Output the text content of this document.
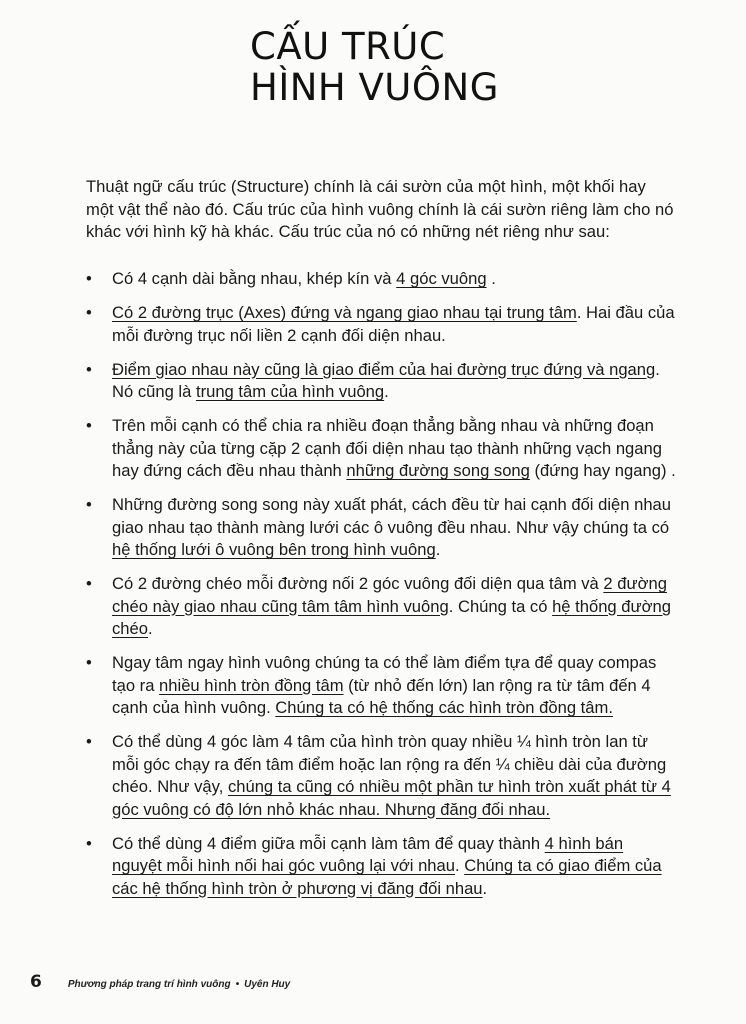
CẤU TRÚC
HÌNH VUÔNG

Thuật ngữ cấu trúc (Structure) chính là cái sườn của một hình, một khối hay một vật thể nào đó. Cấu trúc của hình vuông chính là cái sườn riêng làm cho nó khác với hình kỹ hà khác. Cấu trúc của nó có những nét riêng như sau:

• Có 4 cạnh dài bằng nhau, khép kín và 4 góc vuông .
• Có 2 đường trục (Axes) đứng và ngang giao nhau tại trung tâm. Hai đầu của mỗi đường trục nối liền 2 cạnh đối diện nhau.
• Điểm giao nhau này cũng là giao điểm của hai đường trục đứng và ngang. Nó cũng là trung tâm của hình vuông.
• Trên mỗi cạnh có thể chia ra nhiều đoạn thẳng bằng nhau và những đoạn thẳng này của từng cặp 2 cạnh đối diện nhau tạo thành những vạch ngang hay đứng cách đều nhau thành những đường song song (đứng hay ngang) .
• Những đường song song này xuất phát, cách đều từ hai cạnh đối diện nhau giao nhau tạo thành màng lưới các ô vuông đều nhau. Như vậy chúng ta có hệ thống lưới ô vuông bên trong hình vuông.
• Có 2 đường chéo mỗi đường nối 2 góc vuông đối diện qua tâm và 2 đường chéo này giao nhau cũng tâm tâm hình vuông. Chúng ta có hệ thống đường chéo.
• Ngay tâm ngay hình vuông chúng ta có thể làm điểm tựa để quay compas tạo ra nhiều hình tròn đồng tâm (từ nhỏ đến lớn) lan rộng ra từ tâm đến 4 cạnh của hình vuông. Chúng ta có hệ thống các hình tròn đồng tâm.
• Có thể dùng 4 góc làm 4 tâm của hình tròn quay nhiều ¼ hình tròn lan từ mỗi góc chạy ra đến tâm điểm hoặc lan rộng ra đến ¼ chiều dài của đường chéo. Như vậy, chúng ta cũng có nhiều một phần tư hình tròn xuất phát từ 4 góc vuông có độ lớn nhỏ khác nhau. Nhưng đăng đối nhau.
• Có thể dùng 4 điểm giữa mỗi cạnh làm tâm để quay thành 4 hình bán nguyệt mỗi hình nối hai góc vuông lại với nhau. Chúng ta có giao điểm của các hệ thống hình tròn ở phương vị đăng đối nhau.
6	Phương pháp trang trí hình vuông • Uyên Huy
